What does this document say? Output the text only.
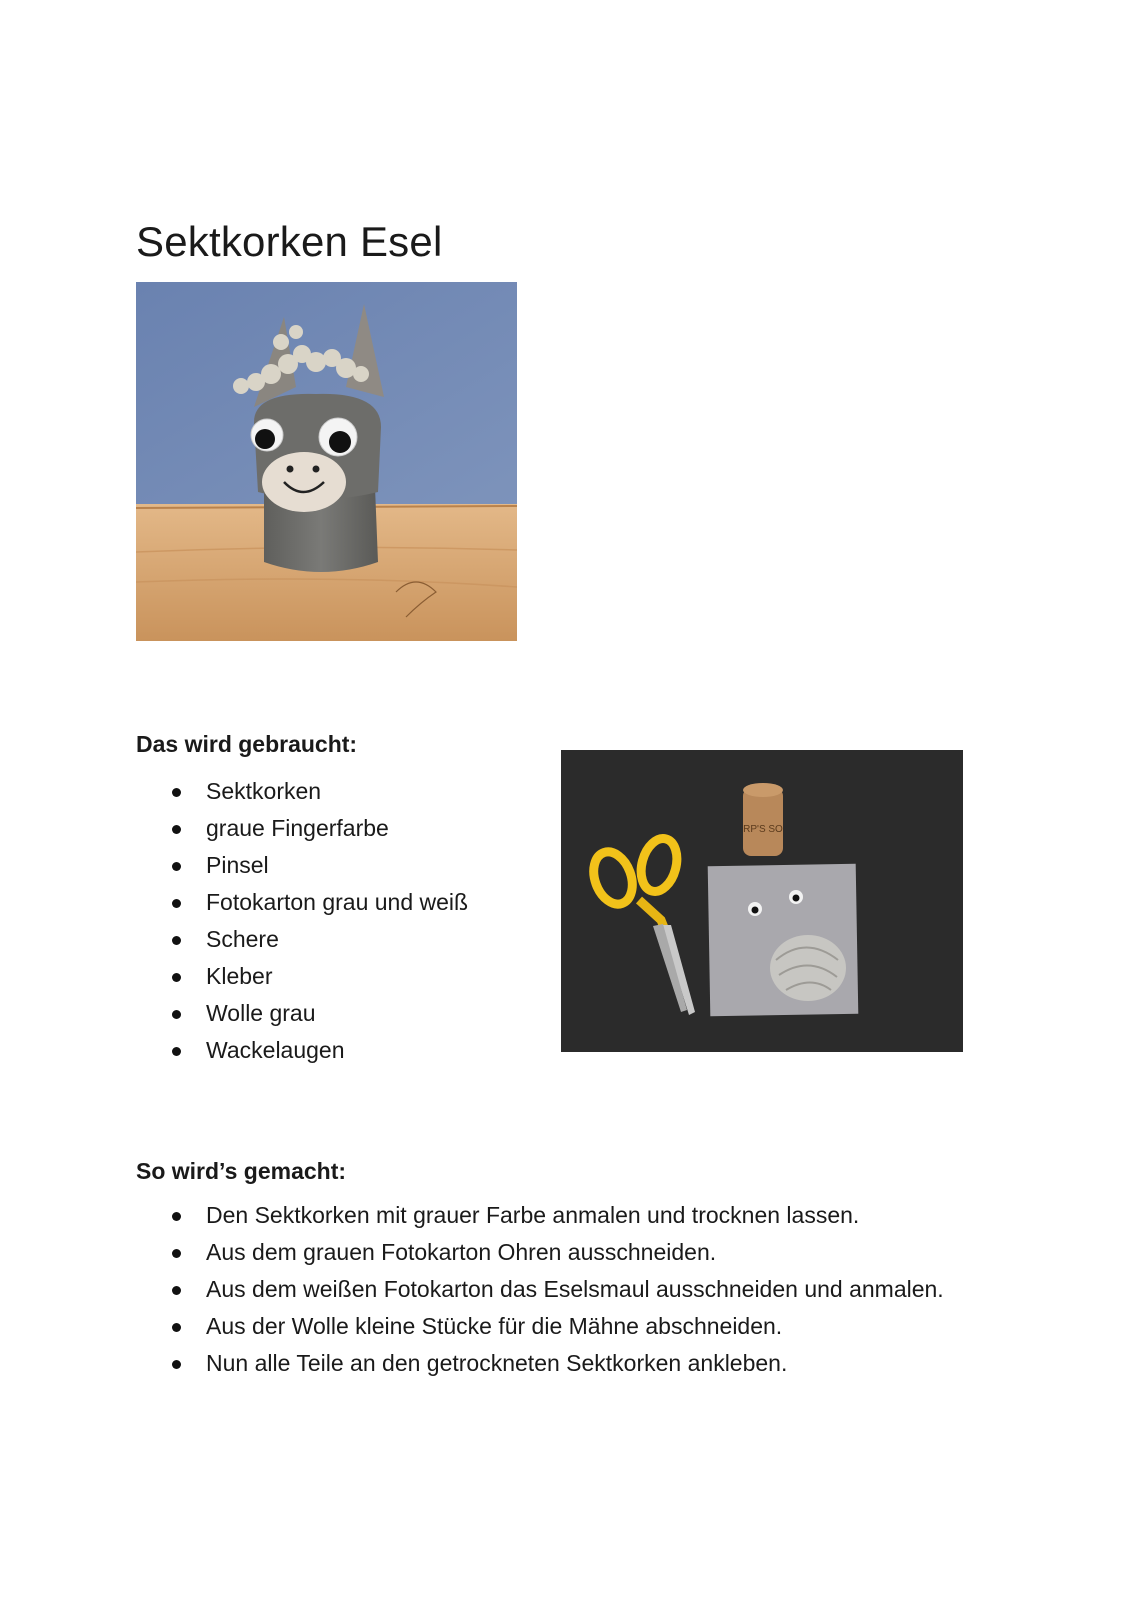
Sektkorken Esel
Das wird gebraucht:
Sektkorken
graue Fingerfarbe
Pinsel
Fotokarton grau und weiß
Schere
Kleber
Wolle grau
Wackelaugen
RP'S SO
So wird’s gemacht:
Den Sektkorken mit grauer Farbe anmalen und trocknen lassen.
Aus dem grauen Fotokarton Ohren ausschneiden.
Aus dem weißen Fotokarton das Eselsmaul ausschneiden und anmalen.
Aus der Wolle kleine Stücke für die Mähne abschneiden.
Nun alle Teile an den getrockneten Sektkorken ankleben.
